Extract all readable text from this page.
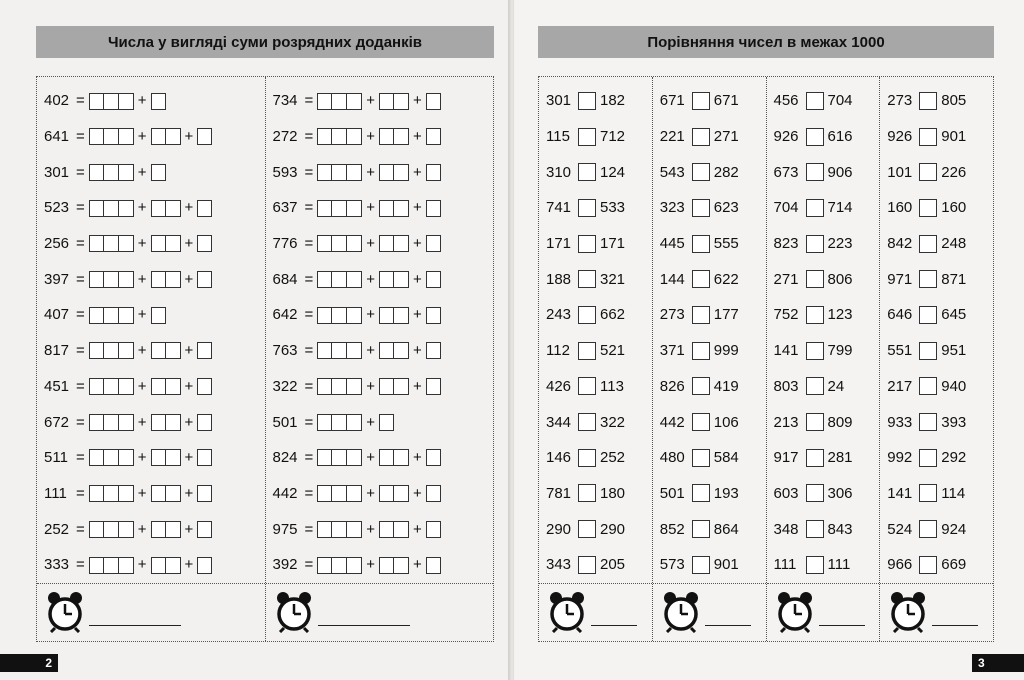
Числа у вигляді суми розрядних доданків
402 =	+
641 =	+	+
301 =	+
523 =	+	+
256 =	+	+
397 =	+	+
407 =	+
817 =	+	+
451 =	+	+
672 =	+	+
511 =	+	+
111 =	+	+
252 =	+	+
333 =	+	+
734 =	+	+
272 =	+	+
593 =	+	+
637 =	+	+
776 =	+	+
684 =	+	+
642 =	+	+
763 =	+	+
322 =	+	+
501 =	+
824 =	+	+
442 =	+	+
975 =	+	+
392 =	+	+
2
Порівняння чисел в межах 1000
301 182
115 712
310 124
741 533
171 171
188 321
243 662
112 521
426 113
344 322
146 252
781 180
290 290
343 205
671 671
221 271
543 282
323 623
445 555
144 622
273 177
371 999
826 419
442 106
480 584
501 193
852 864
573 901
456 704
926 616
673 906
704 714
823 223
271 806
752 123
141 799
803 24
213 809
917 281
603 306
348 843
111	111
273 805
926 901
101 226
160 160
842 248
971 871
646 645
551 951
217 940
933 393
992 292
141 114
524 924
966 669
3
